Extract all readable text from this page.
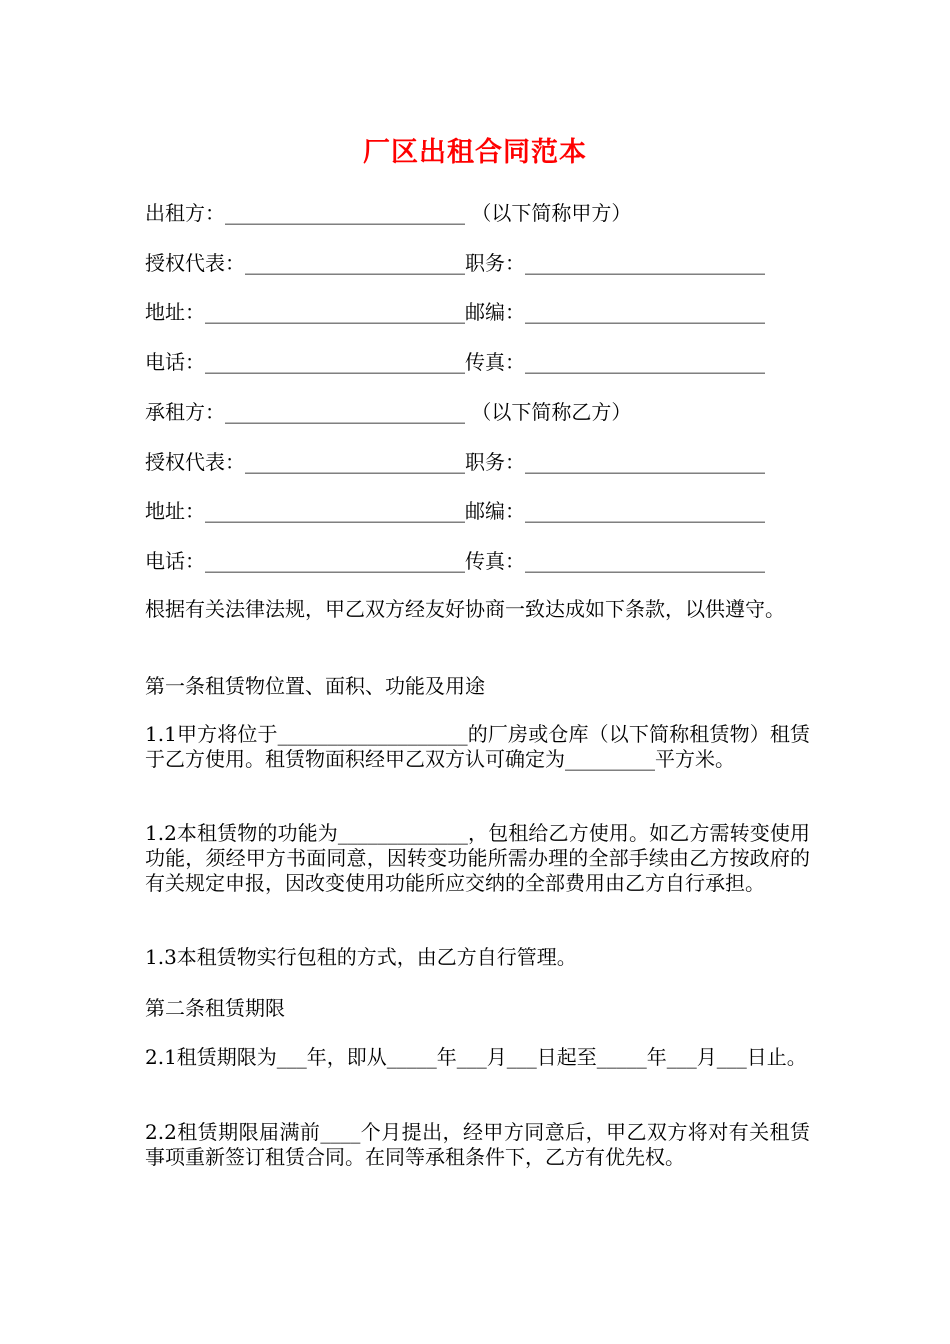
厂区出租合同范本
出租方：________________________ （以下简称甲方）
授权代表：______________________职务：________________________
地址：__________________________邮编：________________________
电话：__________________________传真：________________________
承租方：________________________ （以下简称乙方）
授权代表：______________________职务：________________________
地址：__________________________邮编：________________________
电话：__________________________传真：________________________
根据有关法律法规，甲乙双方经友好协商一致达成如下条款，以供遵守。
第一条租赁物位置、面积、功能及用途
1.1甲方将位于___________________的厂房或仓库（以下简称租赁物）租赁于乙方使用。租赁物面积经甲乙双方认可确定为_________平方米。
1.2本租赁物的功能为_____________，包租给乙方使用。如乙方需转变使用功能，须经甲方书面同意，因转变功能所需办理的全部手续由乙方按政府的有关规定申报，因改变使用功能所应交纳的全部费用由乙方自行承担。
1.3本租赁物实行包租的方式，由乙方自行管理。
第二条租赁期限
2.1租赁期限为___年，即从_____年___月___日起至_____年___月___日止。
2.2租赁期限届满前____个月提出，经甲方同意后，甲乙双方将对有关租赁事项重新签订租赁合同。在同等承租条件下，乙方有优先权。
